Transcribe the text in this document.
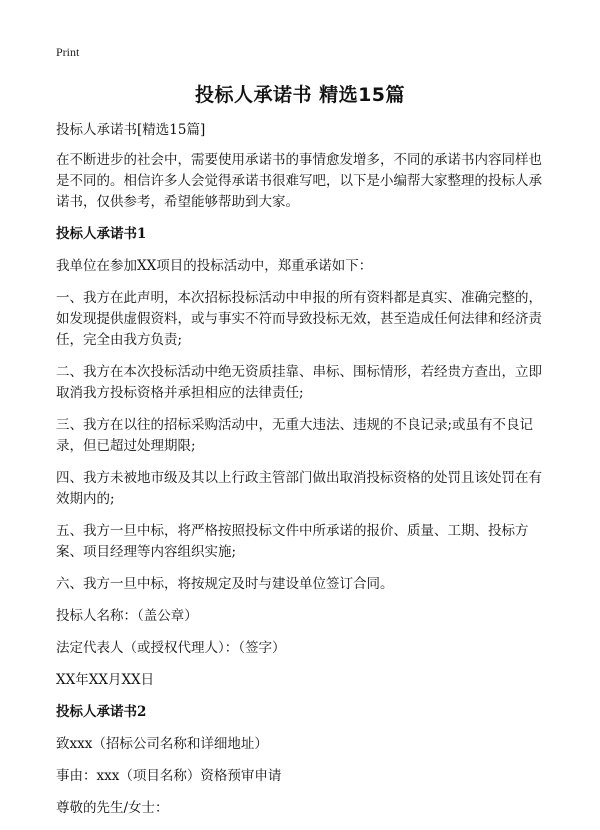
Print
投标人承诺书 精选15篇

投标人承诺书[精选15篇]

在不断进步的社会中，需要使用承诺书的事情愈发增多，不同的承诺书内容同样也是不同的。相信许多人会觉得承诺书很难写吧，以下是小编帮大家整理的投标人承诺书，仅供参考，希望能够帮助到大家。

投标人承诺书1

我单位在参加XX项目的投标活动中，郑重承诺如下：

一、我方在此声明，本次招标投标活动中申报的所有资料都是真实、准确完整的，如发现提供虚假资料，或与事实不符而导致投标无效，甚至造成任何法律和经济责任，完全由我方负责;

二、我方在本次投标活动中绝无资质挂靠、串标、围标情形，若经贵方查出，立即取消我方投标资格并承担相应的法律责任;

三、我方在以往的招标采购活动中，无重大违法、违规的不良记录;或虽有不良记录，但已超过处理期限;

四、我方未被地市级及其以上行政主管部门做出取消投标资格的处罚且该处罚在有效期内的;

五、我方一旦中标，将严格按照投标文件中所承诺的报价、质量、工期、投标方案、项目经理等内容组织实施;

六、我方一旦中标，将按规定及时与建设单位签订合同。

投标人名称：（盖公章）

法定代表人（或授权代理人）：（签字）

XX年XX月XX日

投标人承诺书2

致xxx（招标公司名称和详细地址）

事由：xxx（项目名称）资格预审申请

尊敬的先生/女士：
